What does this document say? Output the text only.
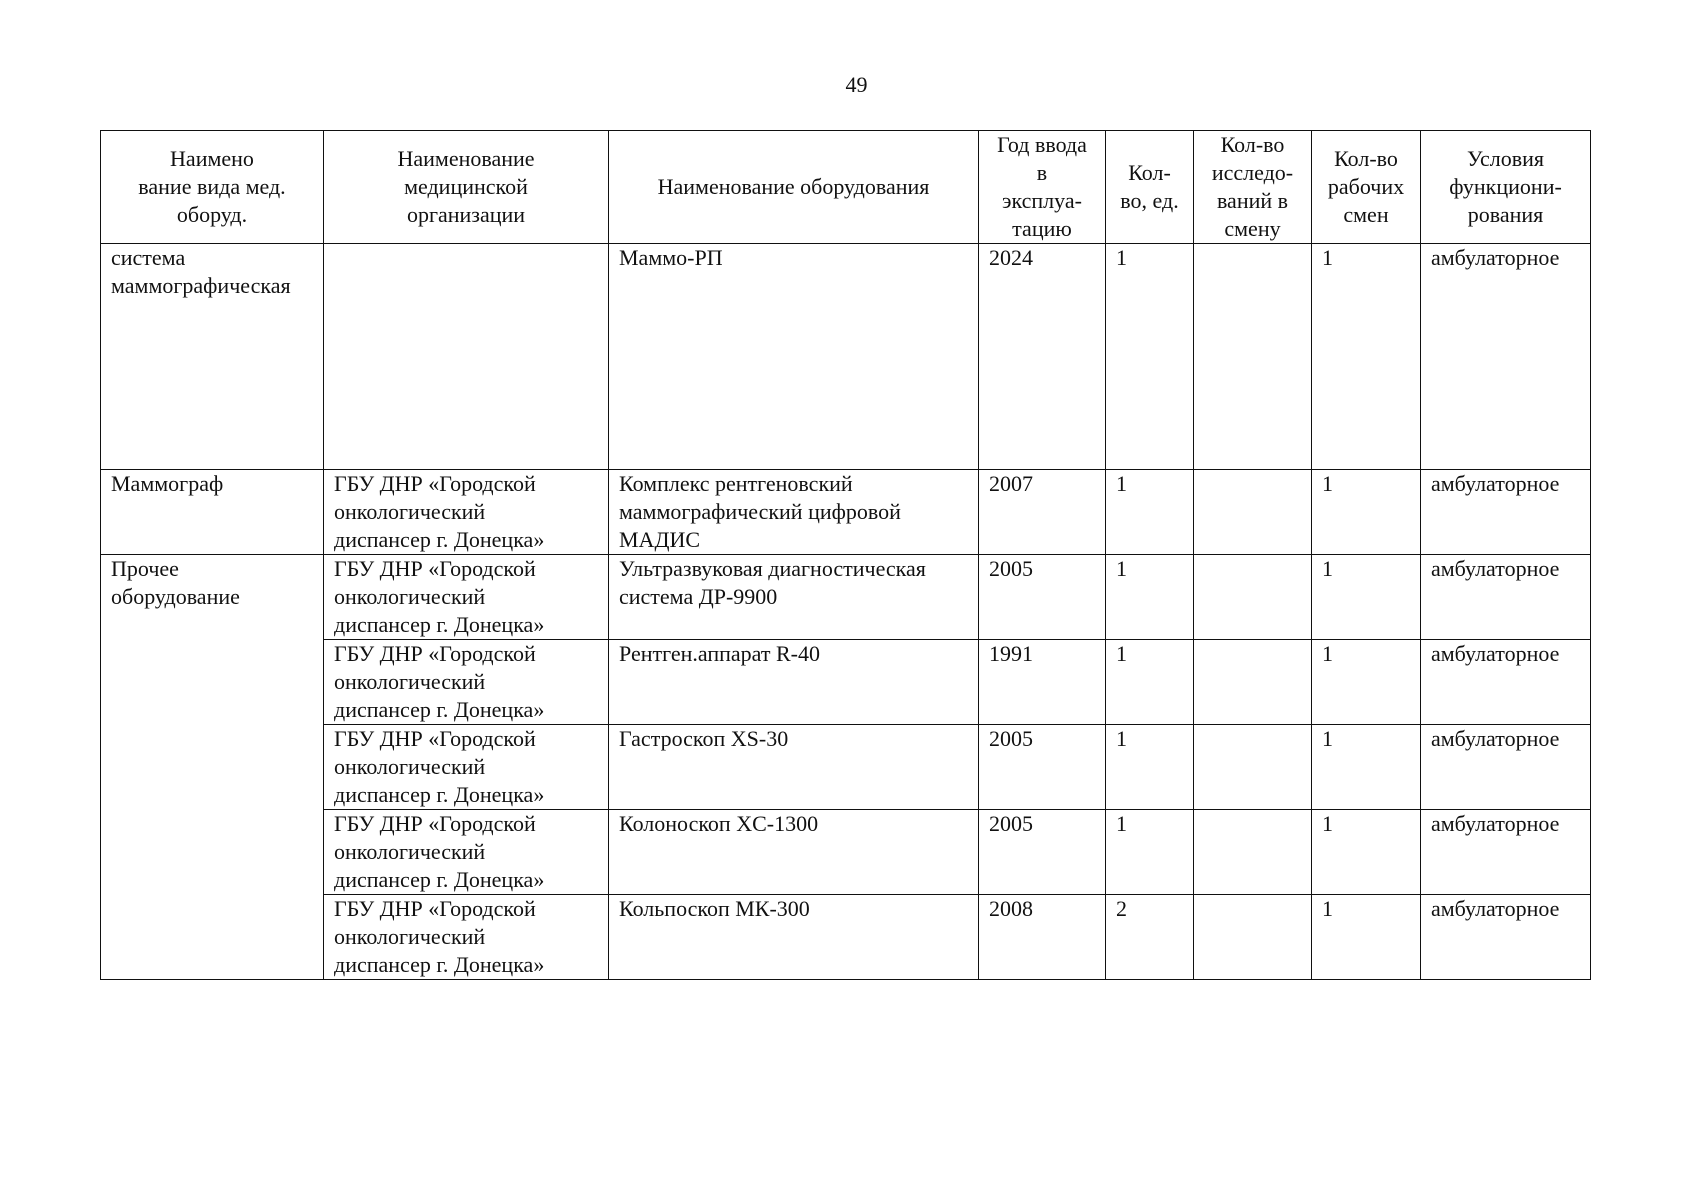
49
Наимено
вание вида мед.
оборуд.	Наименование
медицинской
организации	Наименование оборудования	Год ввода
в
эксплуа-
тацию	Кол-
во, ед.	Кол-во
исследо-
ваний в
смену	Кол-во
рабочих
смен	Условия
функциони-
рования

система
маммографическая		Маммо-РП	2024	1		1	амбулаторное

Маммограф	ГБУ ДНР «Городской
онкологический
диспансер г. Донецка»	Комплекс рентгеновский
маммографический цифровой
МАДИС	2007	1		1	амбулаторное

Прочее
оборудование	ГБУ ДНР «Городской
онкологический
диспансер г. Донецка»	Ультразвуковая диагностическая
система ДР-9900	2005	1		1	амбулаторное

	ГБУ ДНР «Городской
онкологический
диспансер г. Донецка»	Рентген.аппарат R-40	1991	1		1	амбулаторное

	ГБУ ДНР «Городской
онкологический
диспансер г. Донецка»	Гастроскоп XS-30	2005	1		1	амбулаторное

	ГБУ ДНР «Городской
онкологический
диспансер г. Донецка»	Колоноскоп XC-1300	2005	1		1	амбулаторное

	ГБУ ДНР «Городской
онкологический
диспансер г. Донецка»	Кольпоскоп МК-300	2008	2		1	амбулаторное
